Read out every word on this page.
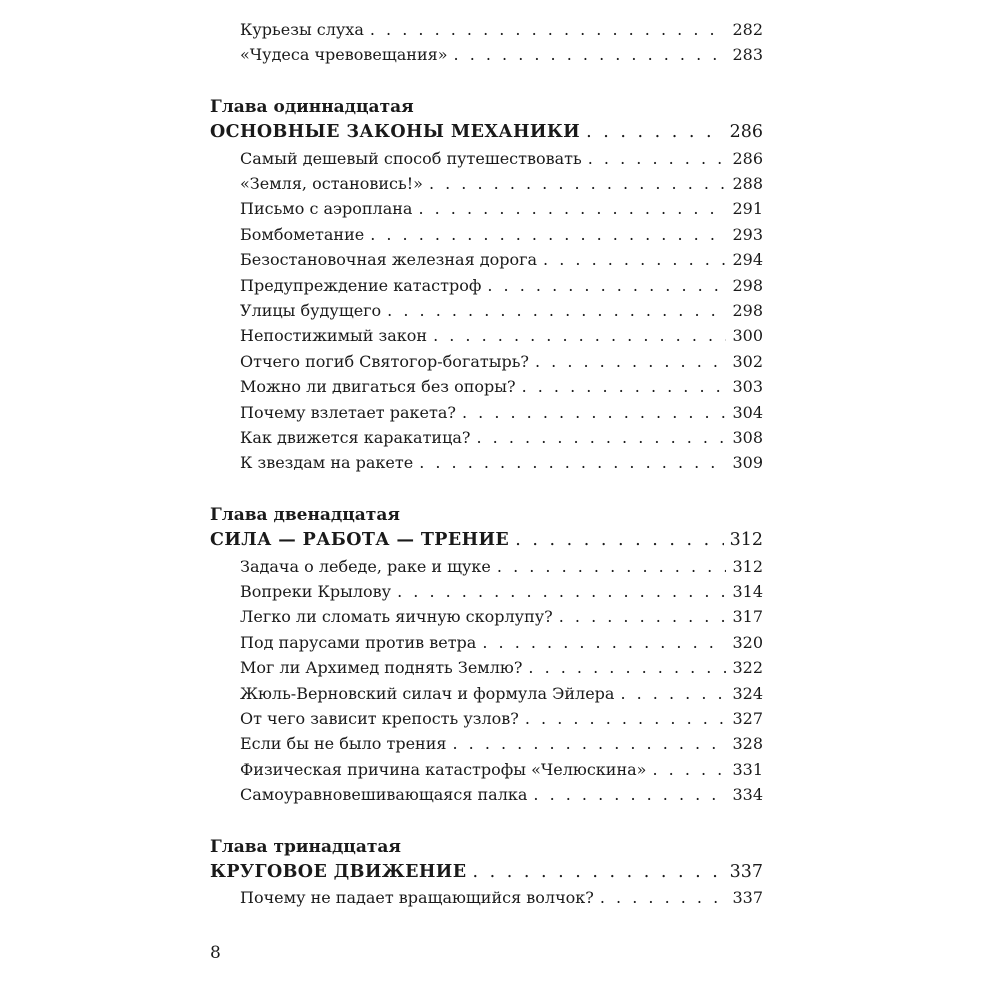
Курьезы слуха . . .	282
«Чудеса чревовещания» . . .	283
Глава одиннадцатая
ОСНОВНЫЕ ЗАКОНЫ МЕХАНИКИ . . .	286
Самый дешевый способ путешествовать . . .	286
«Земля, остановись!» . . .	288
Письмо с аэроплана . . .	291
Бомбометание . . .	293
Безостановочная железная дорога . . .	294
Предупреждение катастроф . . .	298
Улицы будущего . . .	298
Непостижимый закон . . .	300
Отчего погиб Святогор-богатырь? . . .	302
Можно ли двигаться без опоры? . . .	303
Почему взлетает ракета? . . .	304
Как движется каракатица? . . .	308
К звездам на ракете . . .	309
Глава двенадцатая
СИЛА — РАБОТА — ТРЕНИЕ . . .	312
Задача о лебеде, раке и щуке . . .	312
Вопреки Крылову . . .	314
Легко ли сломать яичную скорлупу? . . .	317
Под парусами против ветра . . .	320
Мог ли Архимед поднять Землю? . . .	322
Жюль-Верновский силач и формула Эйлера . . .	324
От чего зависит крепость узлов? . . .	327
Если бы не было трения . . .	328
Физическая причина катастрофы «Челюскина» . . .	331
Самоуравновешивающаяся палка . . .	334
Глава тринадцатая
КРУГОВОЕ ДВИЖЕНИЕ . . .	337
Почему не падает вращающийся волчок? . . .	337
8
